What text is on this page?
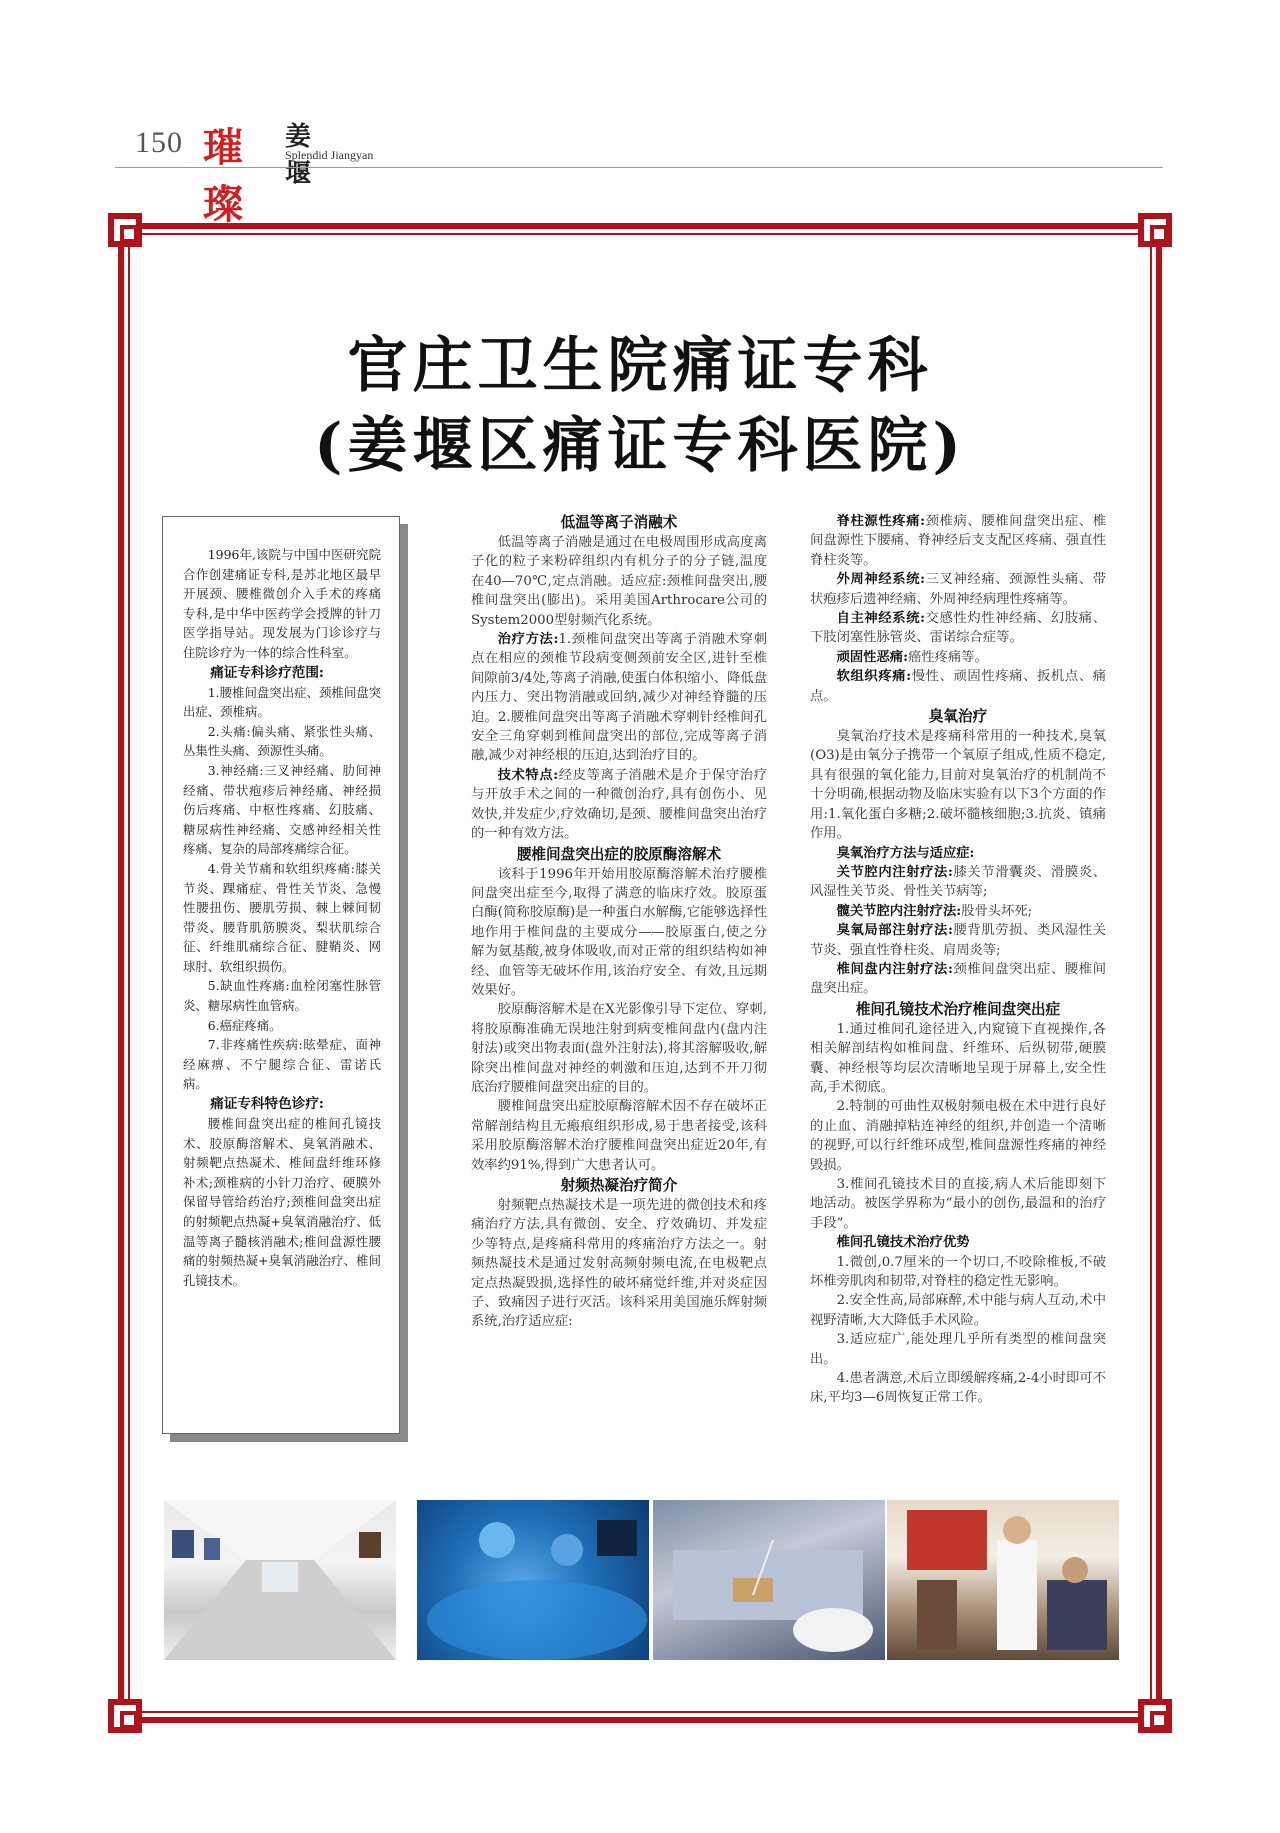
150 璀璨
姜堰
Splendid Jiangyan
官庄卫生院痛证专科
(姜堰区痛证专科医院)

1996年,该院与中国中医研究院合作创建痛证专科,是苏北地区最早开展颈、腰椎微创介入手术的疼痛专科,是中华中医药学会授牌的针刀医学指导站。现发展为门诊诊疗与住院诊疗为一体的综合性科室。

痛证专科诊疗范围:

1.腰椎间盘突出症、颈椎间盘突出症、颈椎病。

2.头痛:偏头痛、紧张性头痛、丛集性头痛、颈源性头痛。

3.神经痛:三叉神经痛、肋间神经痛、带状疱疹后神经痛、神经损伤后疼痛、中枢性疼痛、幻肢痛、糖尿病性神经痛、交感神经相关性疼痛、复杂的局部疼痛综合征。

4.骨关节痛和软组织疼痛:膝关节炎、踝痛症、骨性关节炎、急慢性腰扭伤、腰肌劳损、棘上棘间韧带炎、腰背肌筋膜炎、梨状肌综合征、纤维肌痛综合征、腱鞘炎、网球肘、软组织损伤。

5.缺血性疼痛:血栓闭塞性脉管炎、糖尿病性血管病。

6.癌症疼痛。

7.非疼痛性疾病:眩晕症、面神经麻痹、不宁腿综合征、雷诺氏病。

痛证专科特色诊疗:

腰椎间盘突出症的椎间孔镜技术、胶原酶溶解术、臭氧消融术、射频靶点热凝术、椎间盘纤维环修补术;颈椎病的小针刀治疗、硬膜外保留导管给药治疗;颈椎间盘突出症的射频靶点热凝+臭氧消融治疗、低温等离子髓核消融术;椎间盘源性腰痛的射频热凝+臭氧消融治疗、椎间孔镜技术。

低温等离子消融术

低温等离子消融是通过在电极周围形成高度离子化的粒子来粉碎组织内有机分子的分子链,温度在40—70℃,定点消融。适应症:颈椎间盘突出,腰椎间盘突出(膨出)。采用美国Arthrocare公司的System2000型射频汽化系统。

治疗方法:1.颈椎间盘突出等离子消融术穿刺点在相应的颈椎节段病变侧颈前安全区,进针至椎间隙前3/4处,等离子消融,使蛋白体积缩小、降低盘内压力、突出物消融或回纳,减少对神经脊髓的压迫。2.腰椎间盘突出等离子消融术穿刺针经椎间孔安全三角穿刺到椎间盘突出的部位,完成等离子消融,减少对神经根的压迫,达到治疗目的。

技术特点:经皮等离子消融术是介于保守治疗与开放手术之间的一种微创治疗,具有创伤小、见效快,并发症少,疗效确切,是颈、腰椎间盘突出治疗的一种有效方法。

腰椎间盘突出症的胶原酶溶解术

该科于1996年开始用胶原酶溶解术治疗腰椎间盘突出症至今,取得了满意的临床疗效。胶原蛋白酶(简称胶原酶)是一种蛋白水解酶,它能够选择性地作用于椎间盘的主要成分——胶原蛋白,使之分解为氨基酸,被身体吸收,而对正常的组织结构如神经、血管等无破坏作用,该治疗安全、有效,且远期效果好。

胶原酶溶解术是在X光影像引导下定位、穿刺,将胶原酶准确无误地注射到病变椎间盘内(盘内注射法)或突出物表面(盘外注射法),将其溶解吸收,解除突出椎间盘对神经的刺激和压迫,达到不开刀彻底治疗腰椎间盘突出症的目的。

腰椎间盘突出症胶原酶溶解术因不存在破坏正常解剖结构且无瘢痕组织形成,易于患者接受,该科采用胶原酶溶解术治疗腰椎间盘突出症近20年,有效率约91%,得到广大患者认可。

射频热凝治疗简介

射频靶点热凝技术是一项先进的微创技术和疼痛治疗方法,具有微创、安全、疗效确切、并发症少等特点,是疼痛科常用的疼痛治疗方法之一。射频热凝技术是通过发射高频射频电流,在电极靶点定点热凝毁损,选择性的破坏痛觉纤维,并对炎症因子、致痛因子进行灭活。该科采用美国施乐辉射频系统,治疗适应症:

脊柱源性疼痛:颈椎病、腰椎间盘突出症、椎间盘源性下腰痛、脊神经后支支配区疼痛、强直性脊柱炎等。

外周神经系统:三叉神经痛、颈源性头痛、带状疱疹后遗神经痛、外周神经病理性疼痛等。

自主神经系统:交感性灼性神经痛、幻肢痛、下肢闭塞性脉管炎、雷诺综合症等。

顽固性恶痛:癌性疼痛等。

软组织疼痛:慢性、顽固性疼痛、扳机点、痛点。

臭氧治疗

臭氧治疗技术是疼痛科常用的一种技术,臭氧(O3)是由氧分子携带一个氧原子组成,性质不稳定,具有很强的氧化能力,目前对臭氧治疗的机制尚不十分明确,根据动物及临床实验有以下3个方面的作用:1.氧化蛋白多糖;2.破坏髓核细胞;3.抗炎、镇痛作用。

臭氧治疗方法与适应症:

关节腔内注射疗法:膝关节滑囊炎、滑膜炎、风湿性关节炎、骨性关节病等;

髋关节腔内注射疗法:股骨头坏死;

臭氧局部注射疗法:腰背肌劳损、类风湿性关节炎、强直性脊柱炎、肩周炎等;

椎间盘内注射疗法:颈椎间盘突出症、腰椎间盘突出症。

椎间孔镜技术治疗椎间盘突出症

1.通过椎间孔途径进入,内窥镜下直视操作,各相关解剖结构如椎间盘、纤维环、后纵韧带,硬膜囊、神经根等均层次清晰地呈现于屏幕上,安全性高,手术彻底。

2.特制的可曲性双极射频电极在术中进行良好的止血、消融掉粘连神经的组织,并创造一个清晰的视野,可以行纤维环成型,椎间盘源性疼痛的神经毁损。

3.椎间孔镜技术目的直接,病人术后能即刻下地活动。被医学界称为“最小的创伤,最温和的治疗手段”。

椎间孔镜技术治疗优势

1.微创,0.7厘米的一个切口,不咬除椎板,不破坏椎旁肌肉和韧带,对脊柱的稳定性无影响。

2.安全性高,局部麻醉,术中能与病人互动,术中视野清晰,大大降低手术风险。

3.适应症广,能处理几乎所有类型的椎间盘突出。

4.患者满意,术后立即缓解疼痛,2-4小时即可不床,平均3—6周恢复正常工作。
